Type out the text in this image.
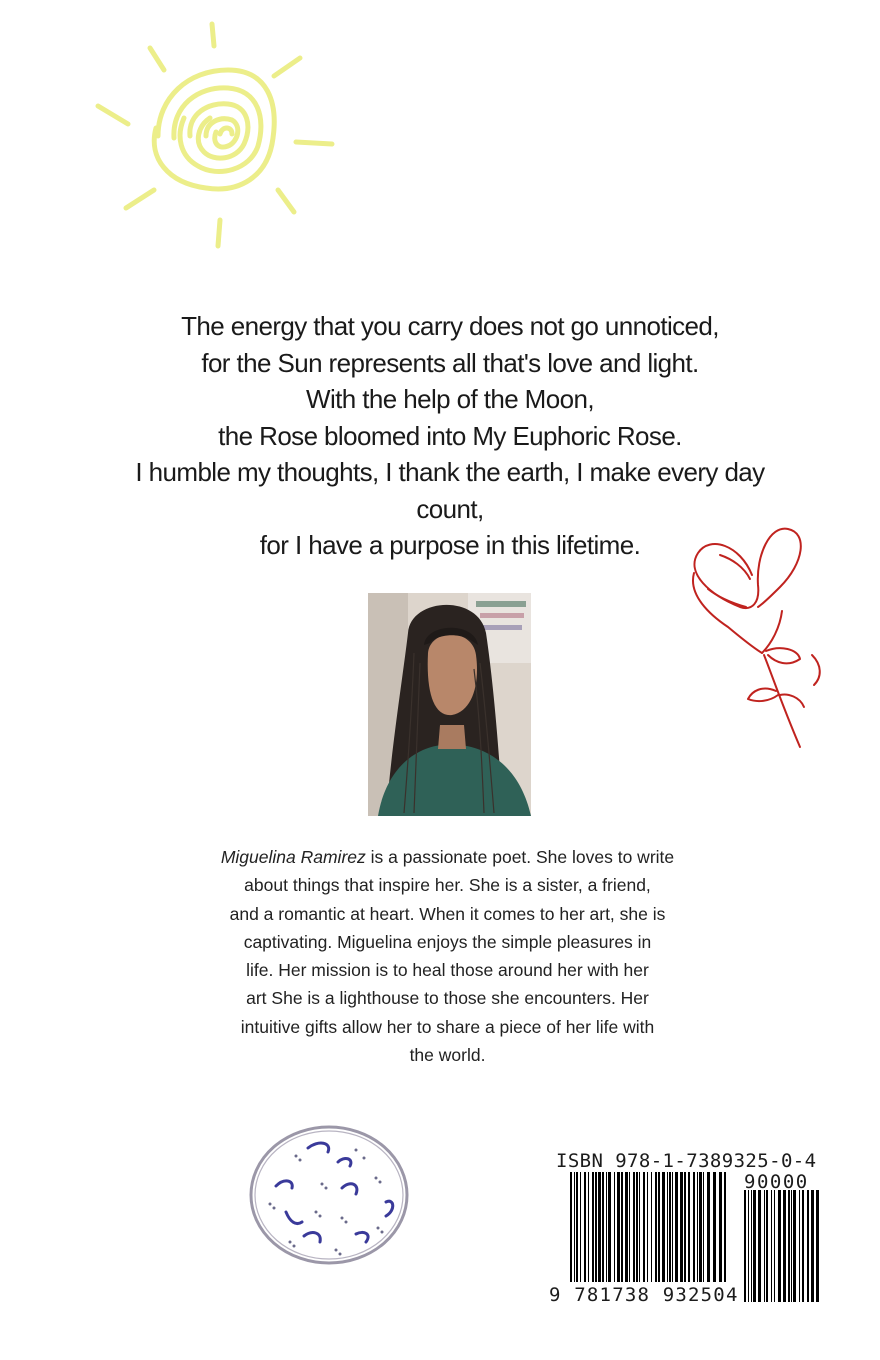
The energy that you carry does not go unnoticed,
for the Sun represents all that's love and light.
With the help of the Moon,
the Rose bloomed into My Euphoric Rose.
I humble my thoughts, I thank the earth, I make every day
count,
for I have a purpose in this lifetime.
Miguelina Ramirez is a passionate poet. She loves to write
about things that inspire her. She is a sister, a friend,
and a romantic at heart. When it comes to her art, she is
captivating. Miguelina enjoys the simple pleasures in
life. Her mission is to heal those around her with her
art She is a lighthouse to those she encounters. Her
intuitive gifts allow her to share a piece of her life with
the world.
ISBN 978-1-7389325-0-4
90000
9 781738 932504
